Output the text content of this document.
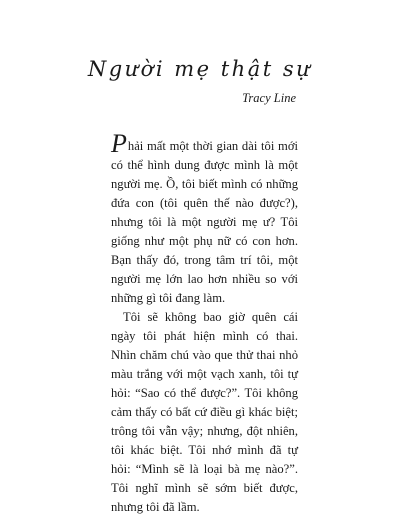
Người mẹ thật sự

Tracy Line

Phải mất một thời gian dài tôi mới có thể hình dung được mình là một người mẹ. Ồ, tôi biết mình có những đứa con (tôi quên thế nào được?), nhưng tôi là một người mẹ ư? Tôi giống như một phụ nữ có con hơn. Bạn thấy đó, trong tâm trí tôi, một người mẹ lớn lao hơn nhiều so với những gì tôi đang làm.

Tôi sẽ không bao giờ quên cái ngày tôi phát hiện mình có thai. Nhìn chăm chú vào que thử thai nhỏ màu trắng với một vạch xanh, tôi tự hỏi: “Sao có thể được?”. Tôi không cảm thấy có bất cứ điều gì khác biệt; trông tôi vẫn vậy; nhưng, đột nhiên, tôi khác biệt. Tôi nhớ mình đã tự hỏi: “Mình sẽ là loại bà mẹ nào?”. Tôi nghĩ mình sẽ sớm biết được, nhưng tôi đã lầm.
